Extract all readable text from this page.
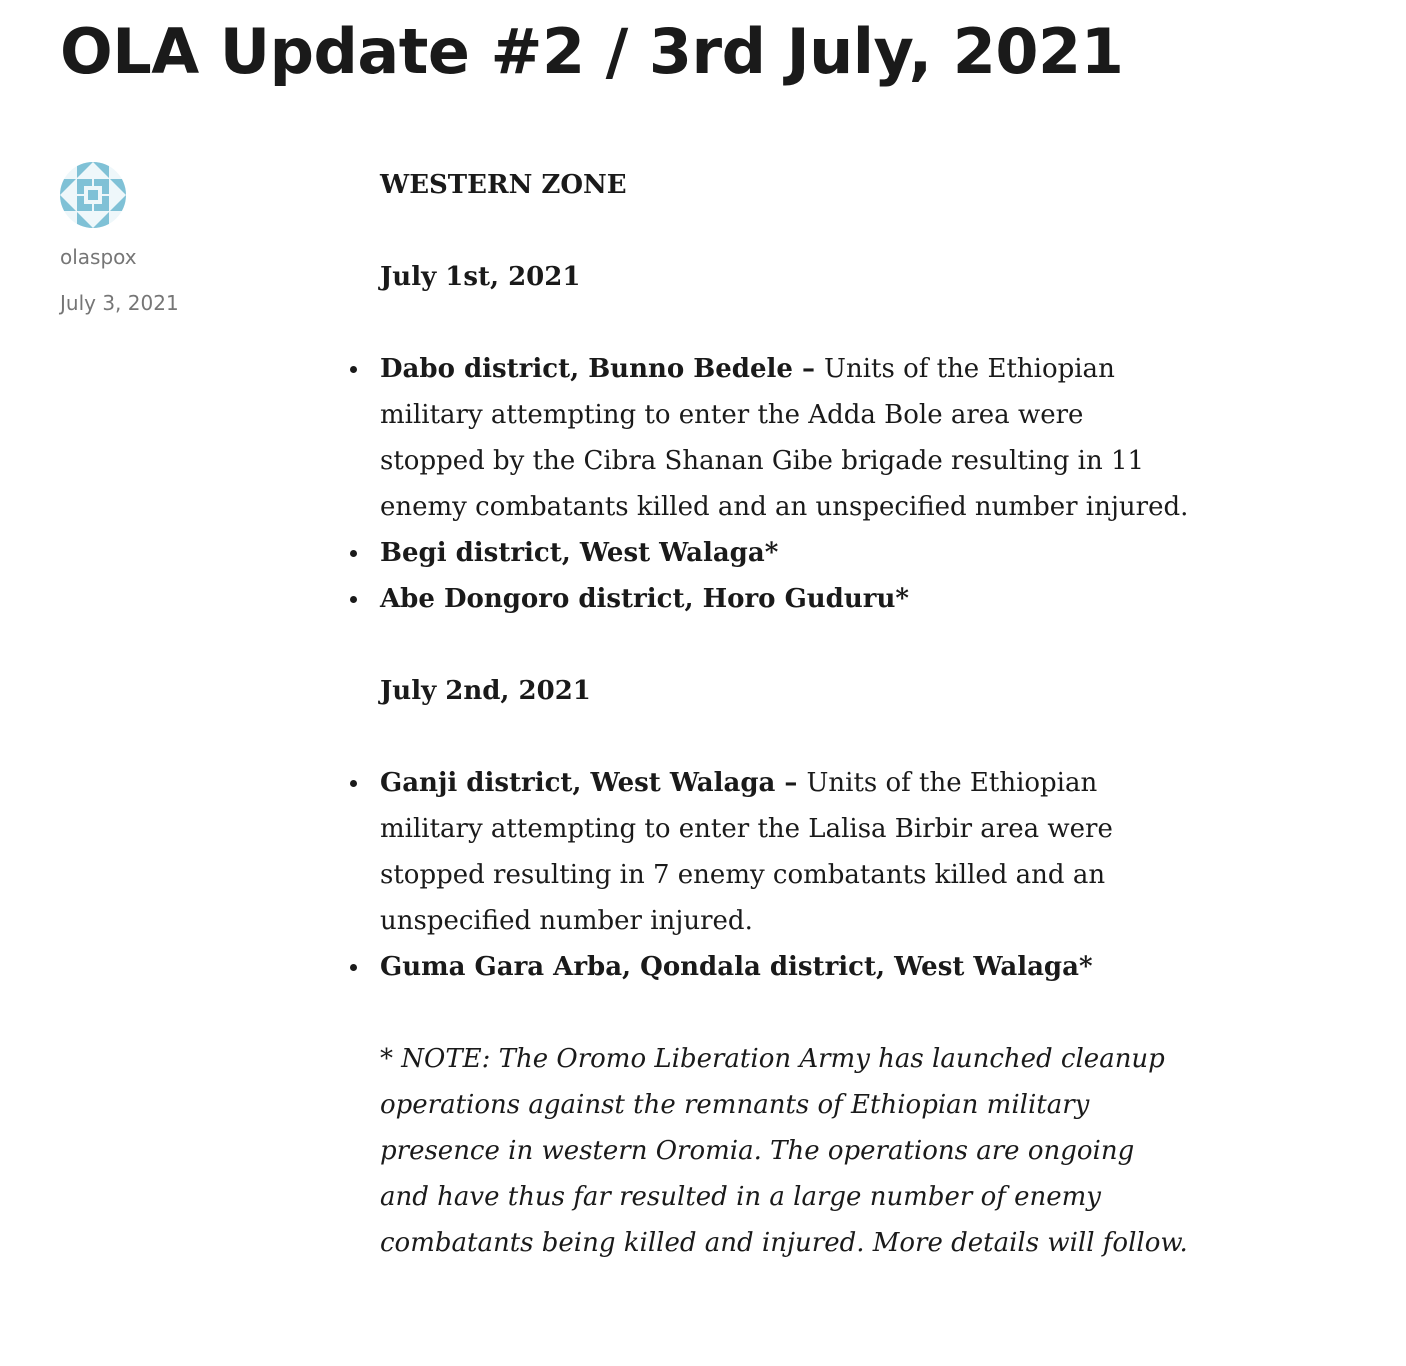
OLA Update #2 / 3rd July, 2021
olaspox
July 3, 2021

WESTERN ZONE

July 1st, 2021

Dabo district, Bunno Bedele – Units of the Ethiopian military attempting to enter the Adda Bole area were stopped by the Cibra Shanan Gibe brigade resulting in 11 enemy combatants killed and an unspecified number injured.
Begi district, West Walaga*
Abe Dongoro district, Horo Guduru*

July 2nd, 2021

Ganji district, West Walaga – Units of the Ethiopian military attempting to enter the Lalisa Birbir area were stopped resulting in 7 enemy combatants killed and an unspecified number injured.
Guma Gara Arba, Qondala district, West Walaga*

* NOTE: The Oromo Liberation Army has launched cleanup operations against the remnants of Ethiopian military presence in western Oromia. The operations are ongoing and have thus far resulted in a large number of enemy combatants being killed and injured. More details will follow.
